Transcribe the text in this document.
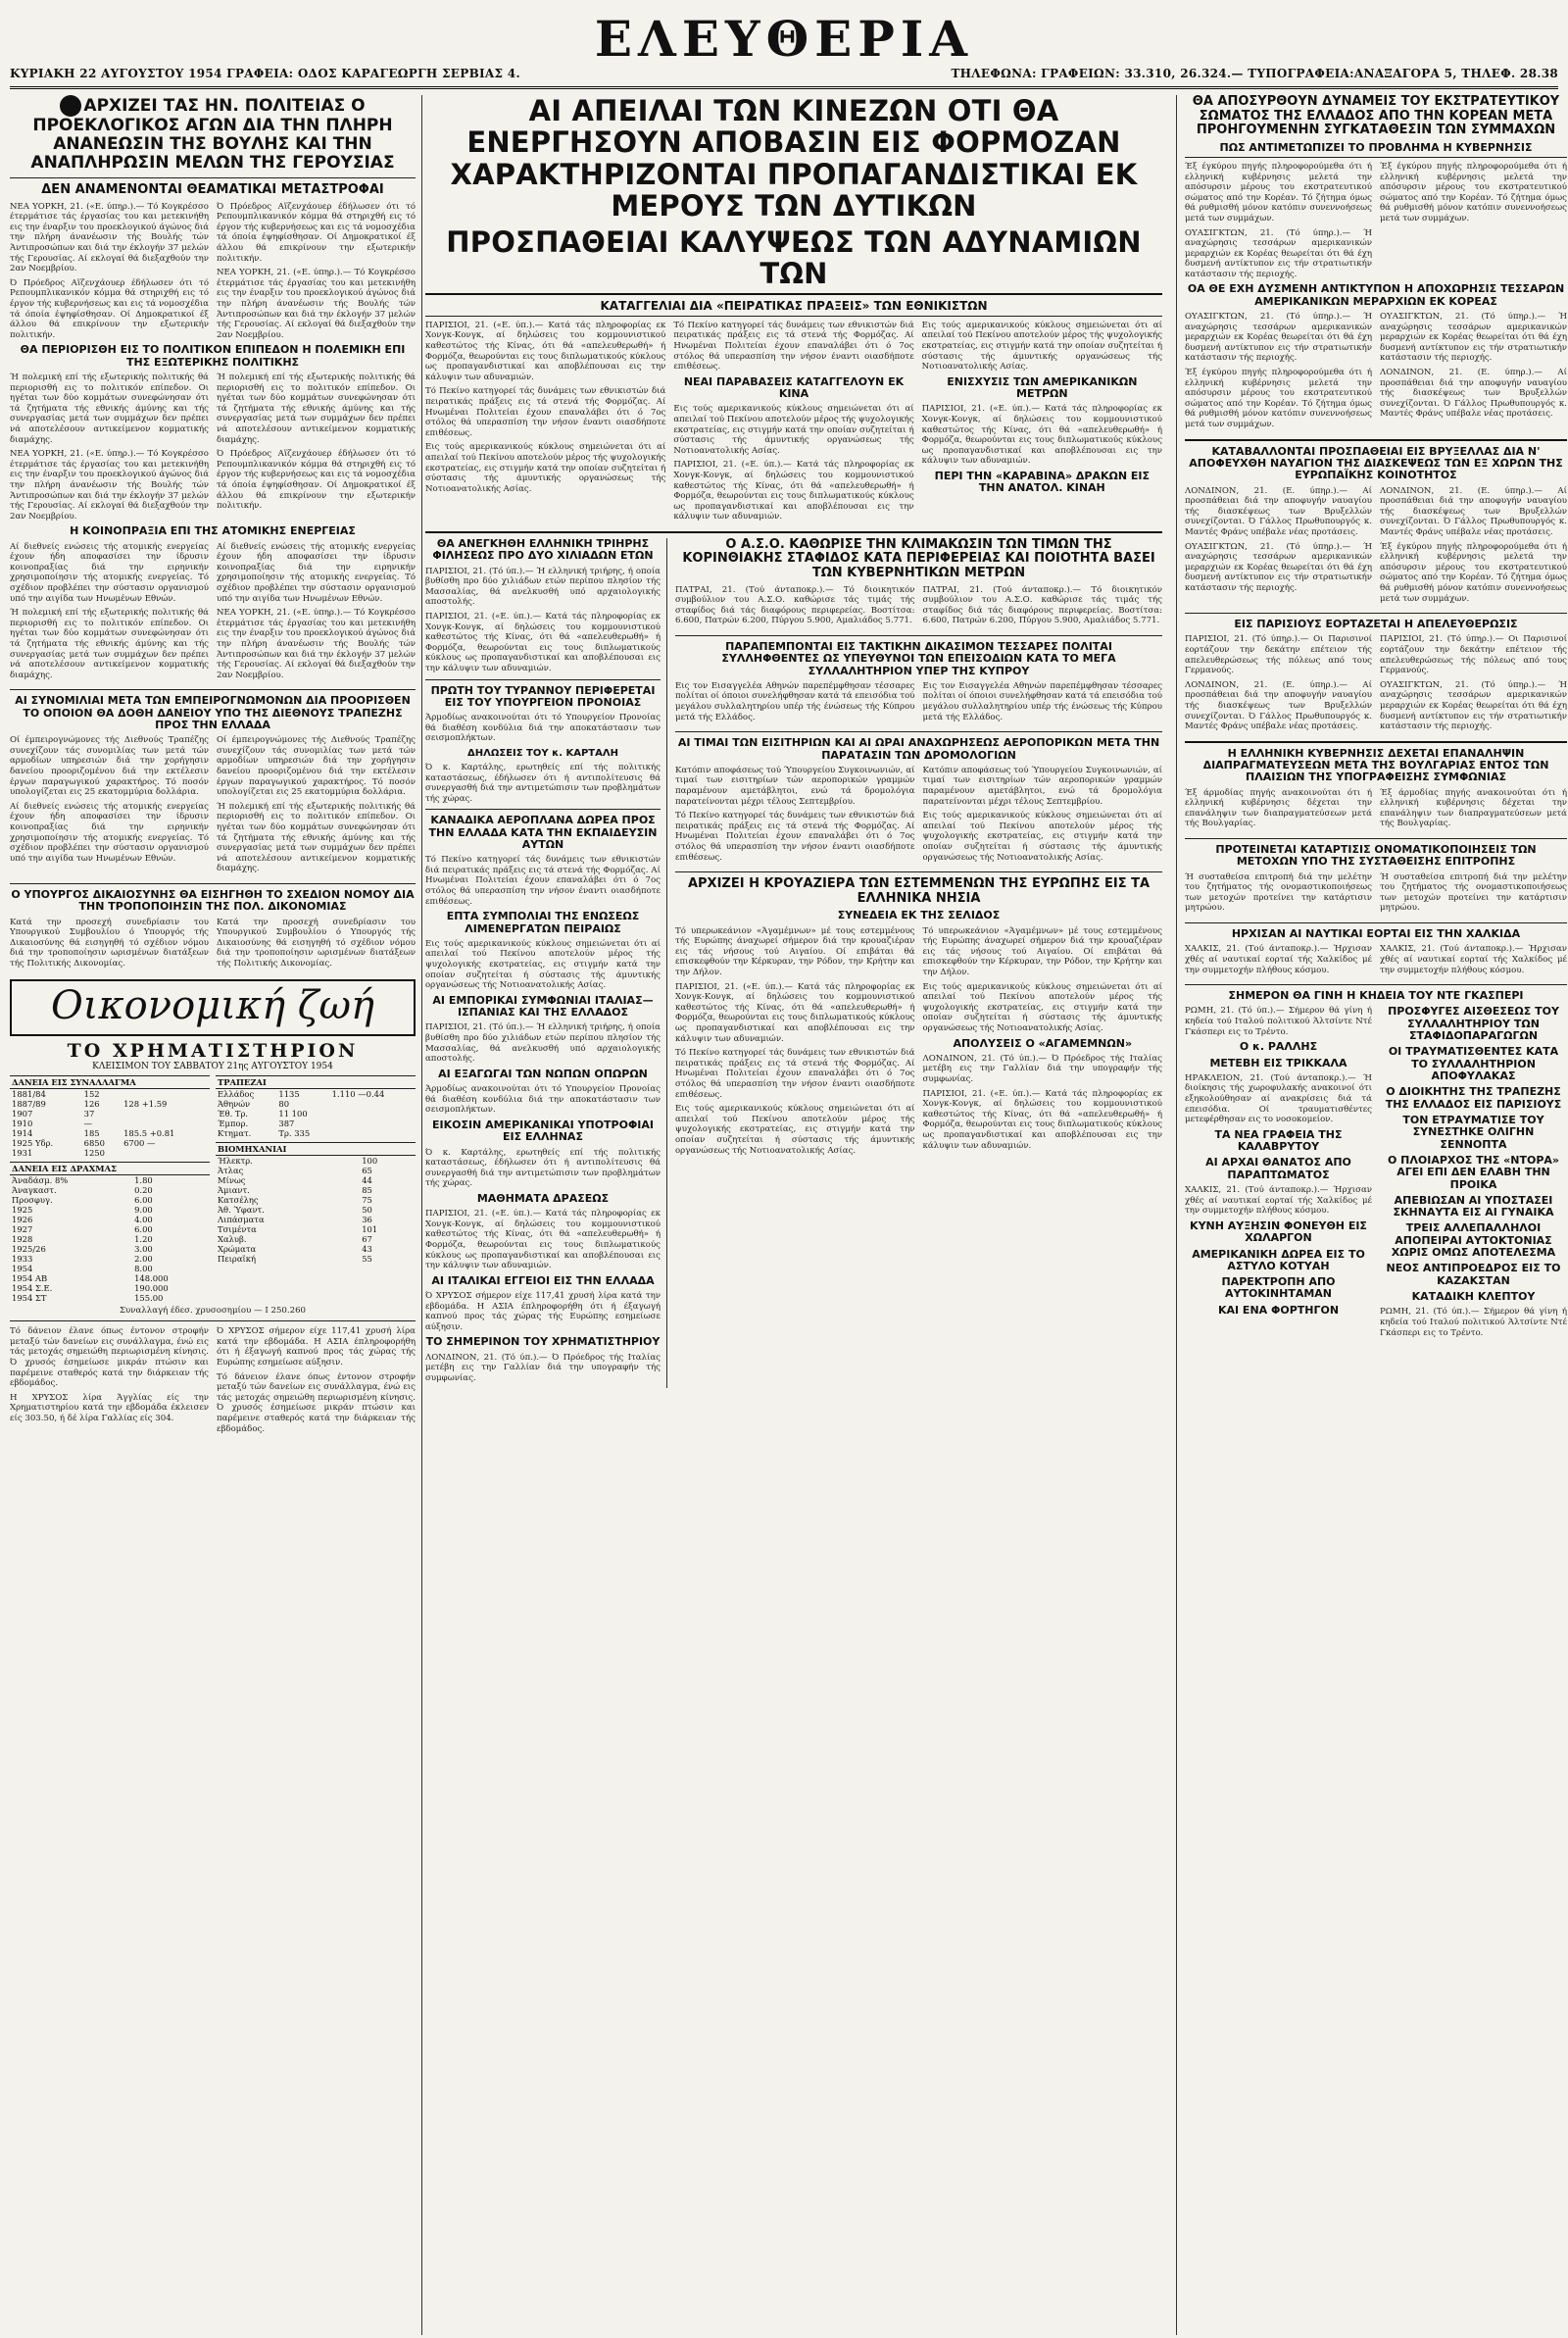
ΚΥΡΙΑΚΗ 22 ΑΥΓΟΥΣΤΟΥ 1954 ΓΡΑΦΕΙΑ: ΟΔΟΣ ΚΑΡΑΓΕΩΡΓΗ ΣΕΡΒΙΑΣ 4.
ΕΛΕΥΘΕΡΙΑ
ΤΗΛΕΦΩΝΑ: ΓΡΑΦΕΙΩΝ: 33.310, 26.324.— ΤΥΠΟΓΡΑΦΕΙΑ:ΑΝΑΞΑΓΟΡΑ 5, ΤΗΛΕΦ. 28.38
ΑΡΧΙΖΕΙ ΤΑΣ ΗΝ. ΠΟΛΙΤΕΙΑΣ Ο ΠΡΟΕΚΛΟΓΙΚΟΣ ΑΓΩΝ ΔΙΑ ΤΗΝ ΠΛΗΡΗ ΑΝΑΝΕΩΣΙΝ ΤΗΣ ΒΟΥΛΗΣ ΚΑΙ ΤΗΝ ΑΝΑΠΛΗΡΩΣΙΝ ΜΕΛΩΝ ΤΗΣ ΓΕΡΟΥΣΙΑΣ
ΔΕΝ ΑΝΑΜΕΝΟΝΤΑΙ ΘΕΑΜΑΤΙΚΑΙ ΜΕΤΑΣΤΡΟΦΑΙ

ΝΕΑ ΥΟΡΚΗ, 21. («Ε. ύπηρ.).— Τό Κογκρέσσο έτερμάτισε τάς έργασίας του και μετεκινήθη εις την έναρξιν του προεκλογικού άγώνος διά την πλήρη άνανέωσιν τής Βουλής τών Άντιπροσώπων και διά την έκλογήν 37 μελών τής Γερουσίας. Αί εκλογαί θά διεξαχθούν την 2αν Νοεμβρίου.

Ό Πρόεδρος Αϊζενχάουερ έδήλωσεν ότι τό Ρεπουμπλικανικόν κόμμα θά στηριχθή εις τό έργον τής κυβερνήσεως και εις τά νομοσχέδια τά όποία έψηφίσθησαν. Οί Δημοκρατικοί έξ άλλου θά επικρίνουν την εξωτερικήν πολιτικήν.

Ό Πρόεδρος Αϊζενχάουερ έδήλωσεν ότι τό Ρεπουμπλικανικόν κόμμα θά στηριχθή εις τό έργον τής κυβερνήσεως και εις τά νομοσχέδια τά όποία έψηφίσθησαν. Οί Δημοκρατικοί έξ άλλου θά επικρίνουν την εξωτερικήν πολιτικήν.

ΝΕΑ ΥΟΡΚΗ, 21. («Ε. ύπηρ.).— Τό Κογκρέσσο έτερμάτισε τάς έργασίας του και μετεκινήθη εις την έναρξιν του προεκλογικού άγώνος διά την πλήρη άνανέωσιν τής Βουλής τών Άντιπροσώπων και διά την έκλογήν 37 μελών τής Γερουσίας. Αί εκλογαί θά διεξαχθούν την 2αν Νοεμβρίου.

ΘΑ ΠΕΡΙΟΡΙΣΘΗ ΕΙΣ ΤΟ ΠΟΛΙΤΙΚΟΝ ΕΠΙΠΕΔΟΝ Η ΠΟΛΕΜΙΚΗ ΕΠΙ ΤΗΣ ΕΞΩΤΕΡΙΚΗΣ ΠΟΛΙΤΙΚΗΣ

Ή πολεμική επί τής εξωτερικής πολιτικής θά περιορισθή εις το πολιτικόν επίπεδον. Οι ηγέται των δύο κομμάτων συνεφώνησαν ότι τά ζητήματα τής εθνικής άμύνης και τής συνεργασίας μετά των συμμάχων δεν πρέπει νά αποτελέσουν αντικείμενον κομματικής διαμάχης.

ΝΕΑ ΥΟΡΚΗ, 21. («Ε. ύπηρ.).— Τό Κογκρέσσο έτερμάτισε τάς έργασίας του και μετεκινήθη εις την έναρξιν του προεκλογικού άγώνος διά την πλήρη άνανέωσιν τής Βουλής τών Άντιπροσώπων και διά την έκλογήν 37 μελών τής Γερουσίας. Αί εκλογαί θά διεξαχθούν την 2αν Νοεμβρίου.

Ή πολεμική επί τής εξωτερικής πολιτικής θά περιορισθή εις το πολιτικόν επίπεδον. Οι ηγέται των δύο κομμάτων συνεφώνησαν ότι τά ζητήματα τής εθνικής άμύνης και τής συνεργασίας μετά των συμμάχων δεν πρέπει νά αποτελέσουν αντικείμενον κομματικής διαμάχης.

Ό Πρόεδρος Αϊζενχάουερ έδήλωσεν ότι τό Ρεπουμπλικανικόν κόμμα θά στηριχθή εις τό έργον τής κυβερνήσεως και εις τά νομοσχέδια τά όποία έψηφίσθησαν. Οί Δημοκρατικοί έξ άλλου θά επικρίνουν την εξωτερικήν πολιτικήν.

Η ΚΟΙΝΟΠΡΑΞΙΑ ΕΠΙ ΤΗΣ ΑΤΟΜΙΚΗΣ ΕΝΕΡΓΕΙΑΣ

Αί διεθνείς ενώσεις τής ατομικής ενεργείας έχουν ήδη αποφασίσει την ίδρυσιν κοινοπραξίας διά την ειρηνικήν χρησιμοποίησιν τής ατομικής ενεργείας. Τό σχέδιον προβλέπει την σύστασιν οργανισμού υπό την αιγίδα των Ηνωμένων Εθνών.

Ή πολεμική επί τής εξωτερικής πολιτικής θά περιορισθή εις το πολιτικόν επίπεδον. Οι ηγέται των δύο κομμάτων συνεφώνησαν ότι τά ζητήματα τής εθνικής άμύνης και τής συνεργασίας μετά των συμμάχων δεν πρέπει νά αποτελέσουν αντικείμενον κομματικής διαμάχης.

Αί διεθνείς ενώσεις τής ατομικής ενεργείας έχουν ήδη αποφασίσει την ίδρυσιν κοινοπραξίας διά την ειρηνικήν χρησιμοποίησιν τής ατομικής ενεργείας. Τό σχέδιον προβλέπει την σύστασιν οργανισμού υπό την αιγίδα των Ηνωμένων Εθνών.

ΝΕΑ ΥΟΡΚΗ, 21. («Ε. ύπηρ.).— Τό Κογκρέσσο έτερμάτισε τάς έργασίας του και μετεκινήθη εις την έναρξιν του προεκλογικού άγώνος διά την πλήρη άνανέωσιν τής Βουλής τών Άντιπροσώπων και διά την έκλογήν 37 μελών τής Γερουσίας. Αί εκλογαί θά διεξαχθούν την 2αν Νοεμβρίου.

ΑΙ ΣΥΝΟΜΙΛΙΑΙ ΜΕΤΑ ΤΩΝ ΕΜΠΕΙΡΟΓΝΩΜΟΝΩΝ ΔΙΑ ΠΡΟΟΡΙΣΘΕΝ ΤΟ ΟΠΟΙΟΝ ΘΑ ΔΟΘΗ ΔΑΝΕΙΟΥ ΥΠΟ ΤΗΣ ΔΙΕΘΝΟΥΣ ΤΡΑΠΕΖΗΣ ΠΡΟΣ ΤΗΝ ΕΛΛΑΔΑ

Οί έμπειρογνώμονες τής Διεθνούς Τραπέζης συνεχίζουν τάς συνομιλίας των μετά τών αρμοδίων υπηρεσιών διά την χορήγησιν δανείου προοριζομένου διά την εκτέλεσιν έργων παραγωγικού χαρακτήρος. Τό ποσόν υπολογίζεται εις 25 εκατομμύρια δολλάρια.

Αί διεθνείς ενώσεις τής ατομικής ενεργείας έχουν ήδη αποφασίσει την ίδρυσιν κοινοπραξίας διά την ειρηνικήν χρησιμοποίησιν τής ατομικής ενεργείας. Τό σχέδιον προβλέπει την σύστασιν οργανισμού υπό την αιγίδα των Ηνωμένων Εθνών.

Οί έμπειρογνώμονες τής Διεθνούς Τραπέζης συνεχίζουν τάς συνομιλίας των μετά τών αρμοδίων υπηρεσιών διά την χορήγησιν δανείου προοριζομένου διά την εκτέλεσιν έργων παραγωγικού χαρακτήρος. Τό ποσόν υπολογίζεται εις 25 εκατομμύρια δολλάρια.

Ή πολεμική επί τής εξωτερικής πολιτικής θά περιορισθή εις το πολιτικόν επίπεδον. Οι ηγέται των δύο κομμάτων συνεφώνησαν ότι τά ζητήματα τής εθνικής άμύνης και τής συνεργασίας μετά των συμμάχων δεν πρέπει νά αποτελέσουν αντικείμενον κομματικής διαμάχης.

Ο ΥΠΟΥΡΓΟΣ ΔΙΚΑΙΟΣΥΝΗΣ ΘΑ ΕΙΣΗΓΗΘΗ ΤΟ ΣΧΕΔΙΟΝ ΝΟΜΟΥ ΔΙΑ ΤΗΝ ΤΡΟΠΟΠΟΙΗΣΙΝ ΤΗΣ ΠΟΛ. ΔΙΚΟΝΟΜΙΑΣ

Κατά την προσεχή συνεδρίασιν του Υπουργικού Συμβουλίου ό Υπουργός τής Δικαιοσύνης θά εισηγηθή τό σχέδιον νόμου διά την τροποποίησιν ωρισμένων διατάξεων τής Πολιτικής Δικονομίας.

Κατά την προσεχή συνεδρίασιν του Υπουργικού Συμβουλίου ό Υπουργός τής Δικαιοσύνης θά εισηγηθή τό σχέδιον νόμου διά την τροποποίησιν ωρισμένων διατάξεων τής Πολιτικής Δικονομίας.

Οικονομική ζωή
ΤΟ ΧΡΗΜΑΤΙΣΤΗΡΙΟΝ
ΚΛΕΙΣΙΜΟΝ ΤΟΥ ΣΑΒΒΑΤΟΥ 21ης ΑΥΓΟΥΣΤΟΥ 1954
ΔΑΝΕΙΑ ΕΙΣ ΣΥΝΑΛΛΑΓΜΑ		
1881/84	152	
1887/89	126	128 +1.59
1907	37	
1910	—	
1914	185	185.5 +0.81
1925 Υδρ.	6850	6700 —
1931	1250	
ΔΑΝΕΙΑ ΕΙΣ ΔΡΑΧΜΑΣ	
Άναδάσμ. 8%	1.80
Άναγκαστ.	0.20
Προσφυγ.	6.00
1925	9.00
1926	4.00
1927	6.00
1928	1.20
1925/26	3.00
1933	2.00
1954	8.00
1954 ΑΒ	148.000
1954 Σ.Ε.	190.000
1954 ΣΤ	155.00
ΤΡΑΠΕΖΑΙ		
Ελλάδος	1135	1.110 —0.44
Άθηνών	80	
Έθ. Τρ.	11 100	
Έμπορ.	387	
Κτηματ.	Τρ. 335	
ΒΙΟΜΗΧΑΝΙΑΙ	
Ήλεκτρ.	100
Άτλας	65
Μίνως	44
Άμιαντ.	85
Κατσέλης	75
Άθ. Ύφαντ.	50
Λιπάσματα	36
Τσιμέντα	101
Χαλυβ.	67
Χρώματα	43
Πειραϊκή	55
Συναλλαγή έδεσ. χρυσοσημίου — Ι 250.260

Τό δάνειον έλανε όπως έντονον στροφήν μεταξύ τών δανείων εις συνάλλαγμα, ένώ εις τάς μετοχάς σημειώθη περιωρισμένη κίνησις. Ό χρυσός έσημείωσε μικράν πτώσιν και παρέμεινε σταθερός κατά την διάρκειαν τής εβδομάδος.

Η ΧΡΥΣΟΣ λίρα Άγγλίας είς την Χρηματιστηρίου κατά την εβδομάδα έκλεισεν είς 303.50, ή δέ λίρα Γαλλίας είς 304.

Ό ΧΡΥΣΟΣ σήμερον είχε 117,41 χρυσή λίρα κατά την εβδομάδα. Η ΑΣΙΑ έπληροφορήθη ότι ή έξαγωγή καπνού προς τάς χώρας τής Ευρώπης εσημείωσε αύξησιν.

Τό δάνειον έλανε όπως έντονον στροφήν μεταξύ τών δανείων εις συνάλλαγμα, ένώ εις τάς μετοχάς σημειώθη περιωρισμένη κίνησις. Ό χρυσός έσημείωσε μικράν πτώσιν και παρέμεινε σταθερός κατά την διάρκειαν τής εβδομάδος.

ΑΙ ΑΠΕΙΛΑΙ ΤΩΝ ΚΙΝΕΖΩΝ ΟΤΙ ΘΑ ΕΝΕΡΓΗΣΟΥΝ ΑΠΟΒΑΣΙΝ ΕΙΣ ΦΟΡΜΟΖΑΝ ΧΑΡΑΚΤΗΡΙΖΟΝΤΑΙ ΠΡΟΠΑΓΑΝΔΙΣΤΙΚΑΙ ΕΚ ΜΕΡΟΥΣ ΤΩΝ ΔΥΤΙΚΩΝ
ΠΡΟΣΠΑΘΕΙΑΙ ΚΑΛΥΨΕΩΣ ΤΩΝ ΑΔΥΝΑΜΙΩΝ ΤΩΝ
ΚΑΤΑΓΓΕΛΙΑΙ ΔΙΑ «ΠΕΙΡΑΤΙΚΑΣ ΠΡΑΞΕΙΣ» ΤΩΝ ΕΘΝΙΚΙΣΤΩΝ

ΠΑΡΙΣΙΟΙ, 21. («Ε. ύπ.).— Κατά τάς πληροφορίας εκ Χονγκ-Κονγκ, αί δηλώσεις του κομμουνιστικού καθεστώτος τής Κίνας, ότι θά «απελευθερωθή» ή Φορμόζα, θεωρούνται εις τους διπλωματικούς κύκλους ως προπαγανδιστικαί και αποβλέπουσαι εις την κάλυψιν των αδυναμιών.

Τό Πεκίνο κατηγορεί τάς δυνάμεις των εθνικιστών διά πειρατικάς πράξεις εις τά στενά τής Φορμόζας. Αί Ηνωμέναι Πολιτείαι έχουν επαναλάβει ότι ό 7ος στόλος θά υπερασπίση την νήσον έναντι οιασδήποτε επιθέσεως.

Εις τούς αμερικανικούς κύκλους σημειώνεται ότι αί απειλαί τού Πεκίνου αποτελούν μέρος τής ψυχολογικής εκστρατείας, εις στιγμήν κατά την οποίαν συζητείται ή σύστασις τής άμυντικής οργανώσεως τής Νοτιοανατολικής Ασίας.

Τό Πεκίνο κατηγορεί τάς δυνάμεις των εθνικιστών διά πειρατικάς πράξεις εις τά στενά τής Φορμόζας. Αί Ηνωμέναι Πολιτείαι έχουν επαναλάβει ότι ό 7ος στόλος θά υπερασπίση την νήσον έναντι οιασδήποτε επιθέσεως.

ΝΕΑΙ ΠΑΡΑΒΑΣΕΙΣ ΚΑΤΑΓΓΕΛΟΥΝ ΕΚ ΚΙΝΑ

Εις τούς αμερικανικούς κύκλους σημειώνεται ότι αί απειλαί τού Πεκίνου αποτελούν μέρος τής ψυχολογικής εκστρατείας, εις στιγμήν κατά την οποίαν συζητείται ή σύστασις τής άμυντικής οργανώσεως τής Νοτιοανατολικής Ασίας.

ΠΑΡΙΣΙΟΙ, 21. («Ε. ύπ.).— Κατά τάς πληροφορίας εκ Χονγκ-Κονγκ, αί δηλώσεις του κομμουνιστικού καθεστώτος τής Κίνας, ότι θά «απελευθερωθή» ή Φορμόζα, θεωρούνται εις τους διπλωματικούς κύκλους ως προπαγανδιστικαί και αποβλέπουσαι εις την κάλυψιν των αδυναμιών.

Εις τούς αμερικανικούς κύκλους σημειώνεται ότι αί απειλαί τού Πεκίνου αποτελούν μέρος τής ψυχολογικής εκστρατείας, εις στιγμήν κατά την οποίαν συζητείται ή σύστασις τής άμυντικής οργανώσεως τής Νοτιοανατολικής Ασίας.

ΕΝΙΣΧΥΣΙΣ ΤΩΝ ΑΜΕΡΙΚΑΝΙΚΩΝ ΜΕΤΡΩΝ

ΠΑΡΙΣΙΟΙ, 21. («Ε. ύπ.).— Κατά τάς πληροφορίας εκ Χονγκ-Κονγκ, αί δηλώσεις του κομμουνιστικού καθεστώτος τής Κίνας, ότι θά «απελευθερωθή» ή Φορμόζα, θεωρούνται εις τους διπλωματικούς κύκλους ως προπαγανδιστικαί και αποβλέπουσαι εις την κάλυψιν των αδυναμιών.

ΠΕΡΙ ΤΗΝ «ΚΑΡΑΒΙΝΑ» ΔΡΑΚΩΝ ΕΙΣ ΤΗΝ ΑΝΑΤΟΛ. ΚΙΝΑΗ
ΘΑ ΑΝΕΓΚΗΘΗ ΕΛΛΗΝΙΚΗ ΤΡΙΗΡΗΣ ΦΙΛΗΣΕΩΣ ΠΡΟ ΔΥΟ ΧΙΛΙΑΔΩΝ ΕΤΩΝ

ΠΑΡΙΣΙΟΙ, 21. (Τό ύπ.).— Ή ελληνική τριήρης, ή οποία βυθίσθη προ δύο χιλιάδων ετών περίπου πλησίον τής Μασσαλίας, θά ανελκυσθή υπό αρχαιολογικής αποστολής.

ΠΑΡΙΣΙΟΙ, 21. («Ε. ύπ.).— Κατά τάς πληροφορίας εκ Χονγκ-Κονγκ, αί δηλώσεις του κομμουνιστικού καθεστώτος τής Κίνας, ότι θά «απελευθερωθή» ή Φορμόζα, θεωρούνται εις τους διπλωματικούς κύκλους ως προπαγανδιστικαί και αποβλέπουσαι εις την κάλυψιν των αδυναμιών.

ΠΡΩΤΗ ΤΟΥ ΤΥΡΑΝΝΟΥ ΠΕΡΙΦΕΡΕΤΑΙ ΕΙΣ ΤΟΥ ΥΠΟΥΡΓΕΙΟΝ ΠΡΟΝΟΙΑΣ

Άρμοδίως ανακοινούται ότι τό Υπουργείον Προνοίας θά διαθέση κονδύλια διά την αποκατάστασιν των σεισμοπλήκτων.

ΔΗΛΩΣΕΙΣ ΤΟΥ κ. ΚΑΡΤΑΛΗ

Ό κ. Καρτάλης, ερωτηθείς επί τής πολιτικής καταστάσεως, έδήλωσεν ότι ή αντιπολίτευσις θά συνεργασθή διά την αντιμετώπισιν των προβλημάτων τής χώρας.

ΚΑΝΑΔΙΚΑ ΑΕΡΟΠΛΑΝΑ ΔΩΡΕΑ ΠΡΟΣ ΤΗΝ ΕΛΛΑΔΑ ΚΑΤΑ ΤΗΝ ΕΚΠΑΙΔΕΥΣΙΝ ΑΥΤΩΝ

Τό Πεκίνο κατηγορεί τάς δυνάμεις των εθνικιστών διά πειρατικάς πράξεις εις τά στενά τής Φορμόζας. Αί Ηνωμέναι Πολιτείαι έχουν επαναλάβει ότι ό 7ος στόλος θά υπερασπίση την νήσον έναντι οιασδήποτε επιθέσεως.

ΕΠΤΑ ΣΥΜΠΟΛΙΑΙ ΤΗΣ ΕΝΩΣΕΩΣ ΛΙΜΕΝΕΡΓΑΤΩΝ ΠΕΙΡΑΙΩΣ

Εις τούς αμερικανικούς κύκλους σημειώνεται ότι αί απειλαί τού Πεκίνου αποτελούν μέρος τής ψυχολογικής εκστρατείας, εις στιγμήν κατά την οποίαν συζητείται ή σύστασις τής άμυντικής οργανώσεως τής Νοτιοανατολικής Ασίας.

ΑΙ ΕΜΠΟΡΙΚΑΙ ΣΥΜΦΩΝΙΑΙ ΙΤΑΛΙΑΣ—ΙΣΠΑΝΙΑΣ ΚΑΙ ΤΗΣ ΕΛΛΑΔΟΣ

ΠΑΡΙΣΙΟΙ, 21. (Τό ύπ.).— Ή ελληνική τριήρης, ή οποία βυθίσθη προ δύο χιλιάδων ετών περίπου πλησίον τής Μασσαλίας, θά ανελκυσθή υπό αρχαιολογικής αποστολής.

ΑΙ ΕΞΑΓΩΓΑΙ ΤΩΝ ΝΩΠΩΝ ΟΠΩΡΩΝ

Άρμοδίως ανακοινούται ότι τό Υπουργείον Προνοίας θά διαθέση κονδύλια διά την αποκατάστασιν των σεισμοπλήκτων.

ΕΙΚΟΣΙΝ ΑΜΕΡΙΚΑΝΙΚΑΙ ΥΠΟΤΡΟΦΙΑΙ ΕΙΣ ΕΛΛΗΝΑΣ

Ό κ. Καρτάλης, ερωτηθείς επί τής πολιτικής καταστάσεως, έδήλωσεν ότι ή αντιπολίτευσις θά συνεργασθή διά την αντιμετώπισιν των προβλημάτων τής χώρας.

ΜΑΘΗΜΑΤΑ ΔΡΑΣΕΩΣ

ΠΑΡΙΣΙΟΙ, 21. («Ε. ύπ.).— Κατά τάς πληροφορίας εκ Χονγκ-Κονγκ, αί δηλώσεις του κομμουνιστικού καθεστώτος τής Κίνας, ότι θά «απελευθερωθή» ή Φορμόζα, θεωρούνται εις τους διπλωματικούς κύκλους ως προπαγανδιστικαί και αποβλέπουσαι εις την κάλυψιν των αδυναμιών.

ΑΙ ΙΤΑΛΙΚΑΙ ΕΓΓΕΙΟΙ ΕΙΣ ΤΗΝ ΕΛΛΑΔΑ

Ό ΧΡΥΣΟΣ σήμερον είχε 117,41 χρυσή λίρα κατά την εβδομάδα. Η ΑΣΙΑ έπληροφορήθη ότι ή έξαγωγή καπνού προς τάς χώρας τής Ευρώπης εσημείωσε αύξησιν.

ΤΟ ΣΗΜΕΡΙΝΟΝ ΤΟΥ ΧΡΗΜΑΤΙΣΤΗΡΙΟΥ

ΛΟΝΔΙΝΟΝ, 21. (Τό ύπ.).— Ό Πρόεδρος τής Ιταλίας μετέβη εις την Γαλλίαν διά την υπογραφήν τής συμφωνίας.

Ο Α.Σ.Ο. ΚΑΘΩΡΙΣΕ ΤΗΝ ΚΛΙΜΑΚΩΣΙΝ ΤΩΝ ΤΙΜΩΝ ΤΗΣ ΚΟΡΙΝΘΙΑΚΗΣ ΣΤΑΦΙΔΟΣ ΚΑΤΑ ΠΕΡΙΦΕΡΕΙΑΣ ΚΑΙ ΠΟΙΟΤΗΤΑ ΒΑΣΕΙ ΤΩΝ ΚΥΒΕΡΝΗΤΙΚΩΝ ΜΕΤΡΩΝ

ΠΑΤΡΑΙ, 21. (Τού άνταποκρ.).— Τό διοικητικόν συμβούλιον του Α.Σ.Ο. καθώρισε τάς τιμάς τής σταφίδος διά τάς διαφόρους περιφερείας. Βοστίτσα: 6.600, Πατρών 6.200, Πύργου 5.900, Αμαλιάδος 5.771.

ΠΑΤΡΑΙ, 21. (Τού άνταποκρ.).— Τό διοικητικόν συμβούλιον του Α.Σ.Ο. καθώρισε τάς τιμάς τής σταφίδος διά τάς διαφόρους περιφερείας. Βοστίτσα: 6.600, Πατρών 6.200, Πύργου 5.900, Αμαλιάδος 5.771.

ΠΑΡΑΠΕΜΠΟΝΤΑΙ ΕΙΣ ΤΑΚΤΙΚΗΝ ΔΙΚΑΣΙΜΟΝ ΤΕΣΣΑΡΕΣ ΠΟΛΙΤΑΙ ΣΥΛΛΗΦΘΕΝΤΕΣ ΩΣ ΥΠΕΥΘΥΝΟΙ ΤΩΝ ΕΠΕΙΣΟΔΙΩΝ ΚΑΤΑ ΤΟ ΜΕΓΑ ΣΥΛΛΑΛΗΤΗΡΙΟΝ ΥΠΕΡ ΤΗΣ ΚΥΠΡΟΥ

Εις τον Εισαγγελέα Αθηνών παρεπέμφθησαν τέσσαρες πολίται οί όποιοι συνελήφθησαν κατά τά επεισόδια τού μεγάλου συλλαλητηρίου υπέρ τής ένώσεως τής Κύπρου μετά τής Ελλάδος.

Εις τον Εισαγγελέα Αθηνών παρεπέμφθησαν τέσσαρες πολίται οί όποιοι συνελήφθησαν κατά τά επεισόδια τού μεγάλου συλλαλητηρίου υπέρ τής ένώσεως τής Κύπρου μετά τής Ελλάδος.

ΑΙ ΤΙΜΑΙ ΤΩΝ ΕΙΣΙΤΗΡΙΩΝ ΚΑΙ ΑΙ ΩΡΑΙ ΑΝΑΧΩΡΗΣΕΩΣ ΑΕΡΟΠΟΡΙΚΩΝ ΜΕΤΑ ΤΗΝ ΠΑΡΑΤΑΣΙΝ ΤΩΝ ΔΡΟΜΟΛΟΓΙΩΝ

Κατόπιν αποφάσεως τού Ύπουργείου Συγκοινωνιών, αί τιμαί των εισιτηρίων τών αεροπορικών γραμμών παραμένουν αμετάβλητοι, ενώ τά δρομολόγια παρατείνονται μέχρι τέλους Σεπτεμβρίου.

Τό Πεκίνο κατηγορεί τάς δυνάμεις των εθνικιστών διά πειρατικάς πράξεις εις τά στενά τής Φορμόζας. Αί Ηνωμέναι Πολιτείαι έχουν επαναλάβει ότι ό 7ος στόλος θά υπερασπίση την νήσον έναντι οιασδήποτε επιθέσεως.

Κατόπιν αποφάσεως τού Ύπουργείου Συγκοινωνιών, αί τιμαί των εισιτηρίων τών αεροπορικών γραμμών παραμένουν αμετάβλητοι, ενώ τά δρομολόγια παρατείνονται μέχρι τέλους Σεπτεμβρίου.

Εις τούς αμερικανικούς κύκλους σημειώνεται ότι αί απειλαί τού Πεκίνου αποτελούν μέρος τής ψυχολογικής εκστρατείας, εις στιγμήν κατά την οποίαν συζητείται ή σύστασις τής άμυντικής οργανώσεως τής Νοτιοανατολικής Ασίας.

ΑΡΧΙΖΕΙ Η ΚΡΟΥΑΖΙΕΡΑ ΤΩΝ ΕΣΤΕΜΜΕΝΩΝ ΤΗΣ ΕΥΡΩΠΗΣ ΕΙΣ ΤΑ ΕΛΛΗΝΙΚΑ ΝΗΣΙΑ
ΣΥΝΕΔΕΙΑ ΕΚ ΤΗΣ ΣΕΛΙΔΟΣ

Τό υπερωκεάνιον «Άγαμέμνων» μέ τους εστεμμένους τής Ευρώπης άναχωρεί σήμερον διά την κρουαζιέραν εις τάς νήσους τού Αιγαίου. Οί επιβάται θά επισκεφθούν την Κέρκυραν, την Ρόδον, την Κρήτην και την Δήλον.

ΠΑΡΙΣΙΟΙ, 21. («Ε. ύπ.).— Κατά τάς πληροφορίας εκ Χονγκ-Κονγκ, αί δηλώσεις του κομμουνιστικού καθεστώτος τής Κίνας, ότι θά «απελευθερωθή» ή Φορμόζα, θεωρούνται εις τους διπλωματικούς κύκλους ως προπαγανδιστικαί και αποβλέπουσαι εις την κάλυψιν των αδυναμιών.

Τό Πεκίνο κατηγορεί τάς δυνάμεις των εθνικιστών διά πειρατικάς πράξεις εις τά στενά τής Φορμόζας. Αί Ηνωμέναι Πολιτείαι έχουν επαναλάβει ότι ό 7ος στόλος θά υπερασπίση την νήσον έναντι οιασδήποτε επιθέσεως.

Εις τούς αμερικανικούς κύκλους σημειώνεται ότι αί απειλαί τού Πεκίνου αποτελούν μέρος τής ψυχολογικής εκστρατείας, εις στιγμήν κατά την οποίαν συζητείται ή σύστασις τής άμυντικής οργανώσεως τής Νοτιοανατολικής Ασίας.

Τό υπερωκεάνιον «Άγαμέμνων» μέ τους εστεμμένους τής Ευρώπης άναχωρεί σήμερον διά την κρουαζιέραν εις τάς νήσους τού Αιγαίου. Οί επιβάται θά επισκεφθούν την Κέρκυραν, την Ρόδον, την Κρήτην και την Δήλον.

Εις τούς αμερικανικούς κύκλους σημειώνεται ότι αί απειλαί τού Πεκίνου αποτελούν μέρος τής ψυχολογικής εκστρατείας, εις στιγμήν κατά την οποίαν συζητείται ή σύστασις τής άμυντικής οργανώσεως τής Νοτιοανατολικής Ασίας.

ΑΠΟΛΥΣΕΙΣ Ο «ΑΓΑΜΕΜΝΩΝ»

ΛΟΝΔΙΝΟΝ, 21. (Τό ύπ.).— Ό Πρόεδρος τής Ιταλίας μετέβη εις την Γαλλίαν διά την υπογραφήν τής συμφωνίας.

ΠΑΡΙΣΙΟΙ, 21. («Ε. ύπ.).— Κατά τάς πληροφορίας εκ Χονγκ-Κονγκ, αί δηλώσεις του κομμουνιστικού καθεστώτος τής Κίνας, ότι θά «απελευθερωθή» ή Φορμόζα, θεωρούνται εις τους διπλωματικούς κύκλους ως προπαγανδιστικαί και αποβλέπουσαι εις την κάλυψιν των αδυναμιών.

ΘΑ ΑΠΟΣΥΡΘΟΥΝ ΔΥΝΑΜΕΙΣ ΤΟΥ ΕΚΣΤΡΑΤΕΥΤΙΚΟΥ ΣΩΜΑΤΟΣ ΤΗΣ ΕΛΛΑΔΟΣ ΑΠΟ ΤΗΝ ΚΟΡΕΑΝ ΜΕΤΑ ΠΡΟΗΓΟΥΜΕΝΗΝ ΣΥΓΚΑΤΑΘΕΣΙΝ ΤΩΝ ΣΥΜΜΑΧΩΝ
ΠΩΣ ΑΝΤΙΜΕΤΩΠΙΖΕΙ ΤΟ ΠΡΟΒΛΗΜΑ Η ΚΥΒΕΡΝΗΣΙΣ

Έξ έγκύρου πηγής πληροφορούμεθα ότι ή ελληνική κυβέρνησις μελετά την απόσυρσιν μέρους του εκστρατευτικού σώματος από την Κορέαν. Τό ζήτημα όμως θά ρυθμισθή μόνον κατόπιν συνεννοήσεως μετά των συμμάχων.

ΟΥΑΣΙΓΚΤΩΝ, 21. (Τό ύπηρ.).— Ή αναχώρησις τεσσάρων αμερικανικών μεραρχιών εκ Κορέας θεωρείται ότι θά έχη δυσμενή αντίκτυπον εις τήν στρατιωτικήν κατάστασιν τής περιοχής.

Έξ έγκύρου πηγής πληροφορούμεθα ότι ή ελληνική κυβέρνησις μελετά την απόσυρσιν μέρους του εκστρατευτικού σώματος από την Κορέαν. Τό ζήτημα όμως θά ρυθμισθή μόνον κατόπιν συνεννοήσεως μετά των συμμάχων.

ΟΑ ΘΕ ΕΧΗ ΔΥΣΜΕΝΗ ΑΝΤΙΚΤΥΠΟΝ Η ΑΠΟΧΩΡΗΣΙΣ ΤΕΣΣΑΡΩΝ ΑΜΕΡΙΚΑΝΙΚΩΝ ΜΕΡΑΡΧΙΩΝ ΕΚ ΚΟΡΕΑΣ

ΟΥΑΣΙΓΚΤΩΝ, 21. (Τό ύπηρ.).— Ή αναχώρησις τεσσάρων αμερικανικών μεραρχιών εκ Κορέας θεωρείται ότι θά έχη δυσμενή αντίκτυπον εις τήν στρατιωτικήν κατάστασιν τής περιοχής.

Έξ έγκύρου πηγής πληροφορούμεθα ότι ή ελληνική κυβέρνησις μελετά την απόσυρσιν μέρους του εκστρατευτικού σώματος από την Κορέαν. Τό ζήτημα όμως θά ρυθμισθή μόνον κατόπιν συνεννοήσεως μετά των συμμάχων.

ΟΥΑΣΙΓΚΤΩΝ, 21. (Τό ύπηρ.).— Ή αναχώρησις τεσσάρων αμερικανικών μεραρχιών εκ Κορέας θεωρείται ότι θά έχη δυσμενή αντίκτυπον εις τήν στρατιωτικήν κατάστασιν τής περιοχής.

ΛΟΝΔΙΝΟΝ, 21. (Ε. ύπηρ.).— Αί προσπάθειαι διά την αποφυγήν ναυαγίου τής διασκέψεως των Βρυξελλών συνεχίζονται. Ό Γάλλος Πρωθυπουργός κ. Μαντές Φράνς υπέβαλε νέας προτάσεις.

ΚΑΤΑΒΑΛΛΟΝΤΑΙ ΠΡΟΣΠΑΘΕΙΑΙ ΕΙΣ ΒΡΥΞΕΛΛΑΣ ΔΙΑ Ν' ΑΠΟΦΕΥΧΘΗ ΝΑΥΑΓΙΟΝ ΤΗΣ ΔΙΑΣΚΕΨΕΩΣ ΤΩΝ ΕΞ ΧΩΡΩΝ ΤΗΣ ΕΥΡΩΠΑΪΚΗΣ ΚΟΙΝΟΤΗΤΟΣ

ΛΟΝΔΙΝΟΝ, 21. (Ε. ύπηρ.).— Αί προσπάθειαι διά την αποφυγήν ναυαγίου τής διασκέψεως των Βρυξελλών συνεχίζονται. Ό Γάλλος Πρωθυπουργός κ. Μαντές Φράνς υπέβαλε νέας προτάσεις.

ΟΥΑΣΙΓΚΤΩΝ, 21. (Τό ύπηρ.).— Ή αναχώρησις τεσσάρων αμερικανικών μεραρχιών εκ Κορέας θεωρείται ότι θά έχη δυσμενή αντίκτυπον εις τήν στρατιωτικήν κατάστασιν τής περιοχής.

ΛΟΝΔΙΝΟΝ, 21. (Ε. ύπηρ.).— Αί προσπάθειαι διά την αποφυγήν ναυαγίου τής διασκέψεως των Βρυξελλών συνεχίζονται. Ό Γάλλος Πρωθυπουργός κ. Μαντές Φράνς υπέβαλε νέας προτάσεις.

Έξ έγκύρου πηγής πληροφορούμεθα ότι ή ελληνική κυβέρνησις μελετά την απόσυρσιν μέρους του εκστρατευτικού σώματος από την Κορέαν. Τό ζήτημα όμως θά ρυθμισθή μόνον κατόπιν συνεννοήσεως μετά των συμμάχων.

ΕΙΣ ΠΑΡΙΣΙΟΥΣ ΕΟΡΤΑΖΕΤΑΙ Η ΑΠΕΛΕΥΘΕΡΩΣΙΣ

ΠΑΡΙΣΙΟΙ, 21. (Τό ύπηρ.).— Οι Παρισινοί εορτάζουν την δεκάτην επέτειον τής απελευθερώσεως τής πόλεως από τους Γερμανούς.

ΛΟΝΔΙΝΟΝ, 21. (Ε. ύπηρ.).— Αί προσπάθειαι διά την αποφυγήν ναυαγίου τής διασκέψεως των Βρυξελλών συνεχίζονται. Ό Γάλλος Πρωθυπουργός κ. Μαντές Φράνς υπέβαλε νέας προτάσεις.

ΠΑΡΙΣΙΟΙ, 21. (Τό ύπηρ.).— Οι Παρισινοί εορτάζουν την δεκάτην επέτειον τής απελευθερώσεως τής πόλεως από τους Γερμανούς.

ΟΥΑΣΙΓΚΤΩΝ, 21. (Τό ύπηρ.).— Ή αναχώρησις τεσσάρων αμερικανικών μεραρχιών εκ Κορέας θεωρείται ότι θά έχη δυσμενή αντίκτυπον εις τήν στρατιωτικήν κατάστασιν τής περιοχής.

Η ΕΛΛΗΝΙΚΗ ΚΥΒΕΡΝΗΣΙΣ ΔΕΧΕΤΑΙ ΕΠΑΝΑΛΗΨΙΝ ΔΙΑΠΡΑΓΜΑΤΕΥΣΕΩΝ ΜΕΤΑ ΤΗΣ ΒΟΥΛΓΑΡΙΑΣ ΕΝΤΟΣ ΤΩΝ ΠΛΑΙΣΙΩΝ ΤΗΣ ΥΠΟΓΡΑΦΕΙΣΗΣ ΣΥΜΦΩΝΙΑΣ

Έξ άρμοδίας πηγής ανακοινούται ότι ή ελληνική κυβέρνησις δέχεται την επανάληψιν των διαπραγματεύσεων μετά τής Βουλγαρίας.

Έξ άρμοδίας πηγής ανακοινούται ότι ή ελληνική κυβέρνησις δέχεται την επανάληψιν των διαπραγματεύσεων μετά τής Βουλγαρίας.

ΠΡΟΤΕΙΝΕΤΑΙ ΚΑΤΑΡΤΙΣΙΣ ΟΝΟΜΑΤΙΚΟΠΟΙΗΣΕΙΣ ΤΩΝ ΜΕΤΟΧΩΝ ΥΠΟ ΤΗΣ ΣΥΣΤΑΘΕΙΣΗΣ ΕΠΙΤΡΟΠΗΣ

Ή συσταθείσα επιτροπή διά την μελέτην του ζητήματος τής ονομαστικοποιήσεως των μετοχών προτείνει την κατάρτισιν μητρώου.

Ή συσταθείσα επιτροπή διά την μελέτην του ζητήματος τής ονομαστικοποιήσεως των μετοχών προτείνει την κατάρτισιν μητρώου.

ΗΡΧΙΣΑΝ ΑΙ ΝΑΥΤΙΚΑΙ ΕΟΡΤΑΙ ΕΙΣ ΤΗΝ ΧΑΛΚΙΔΑ

ΧΑΛΚΙΣ, 21. (Τού άνταποκρ.).— Ήρχισαν χθές αί ναυτικαί εορταί τής Χαλκίδος μέ την συμμετοχήν πλήθους κόσμου.

ΧΑΛΚΙΣ, 21. (Τού άνταποκρ.).— Ήρχισαν χθές αί ναυτικαί εορταί τής Χαλκίδος μέ την συμμετοχήν πλήθους κόσμου.

ΣΗΜΕΡΟΝ ΘΑ ΓΙΝΗ Η ΚΗΔΕΙΑ ΤΟΥ ΝΤΕ ΓΚΑΣΠΕΡΙ

ΡΩΜΗ, 21. (Τό ύπ.).— Σήμερον θά γίνη ή κηδεία τού Ιταλού πολιτικού Άλτσίντε Ντέ Γκάσπερι εις το Τρέντο.

Ο κ. ΡΑΛΛΗΣ
ΜΕΤΕΒΗ ΕΙΣ ΤΡΙΚΚΑΛΑ

ΗΡΑΚΛΕΙΟΝ, 21. (Τού άνταποκρ.).— Ή διοίκησις τής χωροφυλακής ανακοινοί ότι εξηκολούθησαν αί ανακρίσεις διά τά επεισόδια. Οί τραυματισθέντες μετεφέρθησαν εις το νοσοκομείον.

ΤΑ ΝΕΑ ΓΡΑΦΕΙΑ ΤΗΣ ΚΑΛΑΒΡΥΤΟΥ
ΑΙ ΑΡΧΑΙ ΘΑΝΑΤΟΣ ΑΠΟ ΠΑΡΑΠΤΩΜΑΤΟΣ

ΧΑΛΚΙΣ, 21. (Τού άνταποκρ.).— Ήρχισαν χθές αί ναυτικαί εορταί τής Χαλκίδος μέ την συμμετοχήν πλήθους κόσμου.

ΚΥΝΗ ΑΥΞΗΣΙΝ ΦΟΝΕΥΘΗ ΕΙΣ ΧΩΛΑΡΓΟΝ
ΑΜΕΡΙΚΑΝΙΚΗ ΔΩΡΕΑ ΕΙΣ ΤΟ ΑΣΤΥΛΟ ΚΟΤΥΑΗ
ΠΑΡΕΚΤΡΟΠΗ ΑΠΟ ΑΥΤΟΚΙΝΗΤΑΜΑΝ
ΚΑΙ ΕΝΑ ΦΟΡΤΗΓΟΝ
ΠΡΟΣΦΥΓΕΣ ΑΙΣΘΕΣΕΩΣ ΤΟΥ ΣΥΛΛΑΛΗΤΗΡΙΟΥ ΤΩΝ ΣΤΑΦΙΔΟΠΑΡΑΓΩΓΩΝ
ΟΙ ΤΡΑΥΜΑΤΙΣΘΕΝΤΕΣ ΚΑΤΑ ΤΟ ΣΥΛΛΑΛΗΤΗΡΙΟΝ ΑΠΟΦΥΛΑΚΑΣ
Ο ΔΙΟΙΚΗΤΗΣ ΤΗΣ ΤΡΑΠΕΖΗΣ ΤΗΣ ΕΛΛΑΔΟΣ ΕΙΣ ΠΑΡΙΣΙΟΥΣ
ΤΟΝ ΕΤΡΑΥΜΑΤΙΣΕ ΤΟΥ ΣΥΝΕΣΤΗΚΕ ΟΛΙΓΗΝ ΣΕΝΝΟΠΤΑ
Ο ΠΛΟΙΑΡΧΟΣ ΤΗΣ «ΝΤΟΡΑ» ΑΓΕΙ ΕΠΙ ΔΕΝ ΕΛΑΒΗ ΤΗΝ ΠΡΟΙΚΑ
ΑΠΕΒΙΩΣΑΝ ΑΙ ΥΠΟΣΤΑΣΕΙ ΣΚΗΝΑΥΤΑ ΕΙΣ ΑΙ ΓΥΝΑΙΚΑ
ΤΡΕΙΣ ΑΛΛΕΠΑΛΛΗΛΟΙ ΑΠΟΠΕΙΡΑΙ ΑΥΤΟΚΤΟΝΙΑΣ ΧΩΡΙΣ ΟΜΩΣ ΑΠΟΤΕΛΕΣΜΑ
ΝΕΟΣ ΑΝΤΙΠΡΟΕΔΡΟΣ ΕΙΣ ΤΟ ΚΑΖΑΚΣΤΑΝ
ΚΑΤΑΔΙΚΗ ΚΛΕΠΤΟΥ

ΡΩΜΗ, 21. (Τό ύπ.).— Σήμερον θά γίνη ή κηδεία τού Ιταλού πολιτικού Άλτσίντε Ντέ Γκάσπερι εις το Τρέντο.
